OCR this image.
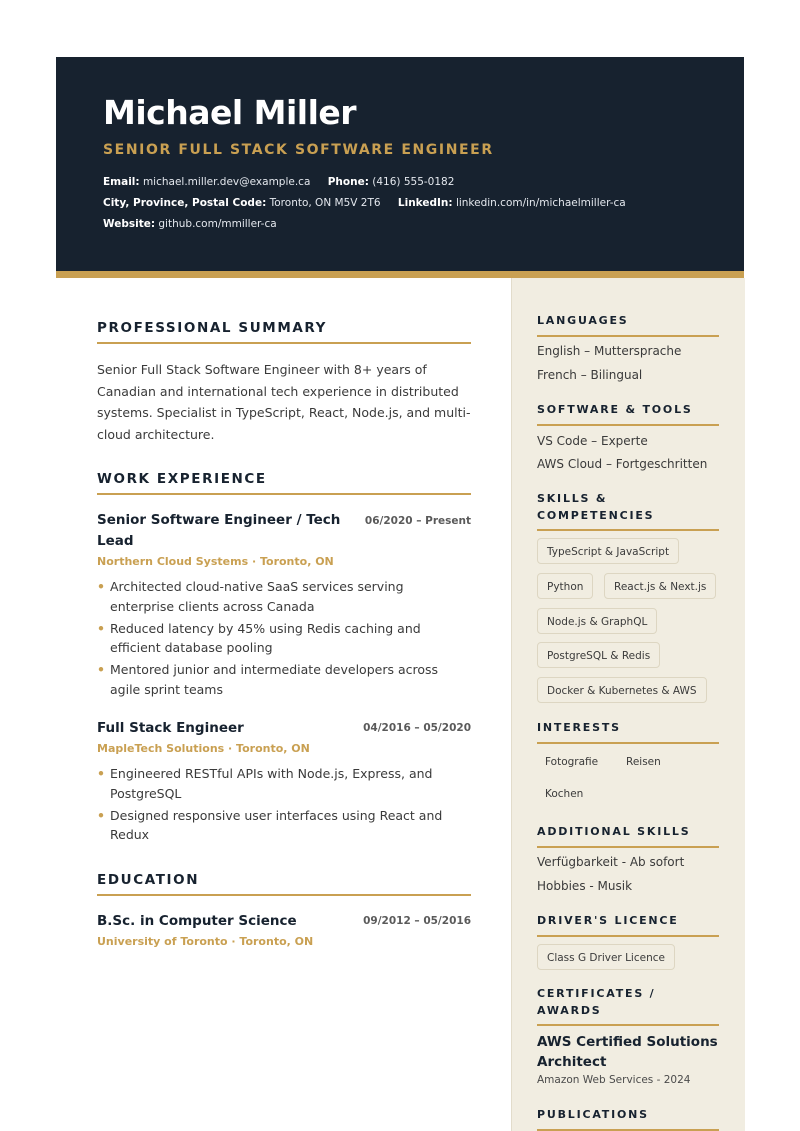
Michael Miller
SENIOR FULL STACK SOFTWARE ENGINEER
Email: michael.miller.dev@example.ca Phone: (416) 555-0182
City, Province, Postal Code: Toronto, ON M5V 2T6 LinkedIn: linkedin.com/in/michaelmiller-ca
Website: github.com/mmiller-ca
PROFESSIONAL SUMMARY

Senior Full Stack Software Engineer with 8+ years of Canadian and international tech experience in distributed systems. Specialist in TypeScript, React, Node.js, and multi-cloud architecture.

WORK EXPERIENCE

Senior Software Engineer / Tech Lead

06/2020 – Present
Northern Cloud Systems · Toronto, ON
• Architected cloud-native SaaS services serving enterprise clients across Canada
• Reduced latency by 45% using Redis caching and efficient database pooling
• Mentored junior and intermediate developers across agile sprint teams

Full Stack Engineer	04/2016 – 05/2020
MapleTech Solutions · Toronto, ON
• Engineered RESTful APIs with Node.js, Express, and PostgreSQL
• Designed responsive user interfaces using React and Redux
EDUCATION

B.Sc. in Computer Science	09/2012 – 05/2016
University of Toronto · Toronto, ON

LANGUAGES

English – Muttersprache
French – Bilingual

SOFTWARE & TOOLS

VS Code – Experte
AWS Cloud – Fortgeschritten

SKILLS & COMPETENCIES

TypeScript & JavaScript
Python	React.js & Next.js
Node.js & GraphQL
PostgreSQL & Redis
Docker & Kubernetes & AWS

INTERESTS

Fotografie	Reisen
Kochen

ADDITIONAL SKILLS

Verfügbarkeit - Ab sofort
Hobbies - Musik

DRIVER'S LICENCE

Class G Driver Licence

CERTIFICATES / AWARDS

AWS Certified Solutions Architect

Amazon Web Services - 2024

PUBLICATIONS
